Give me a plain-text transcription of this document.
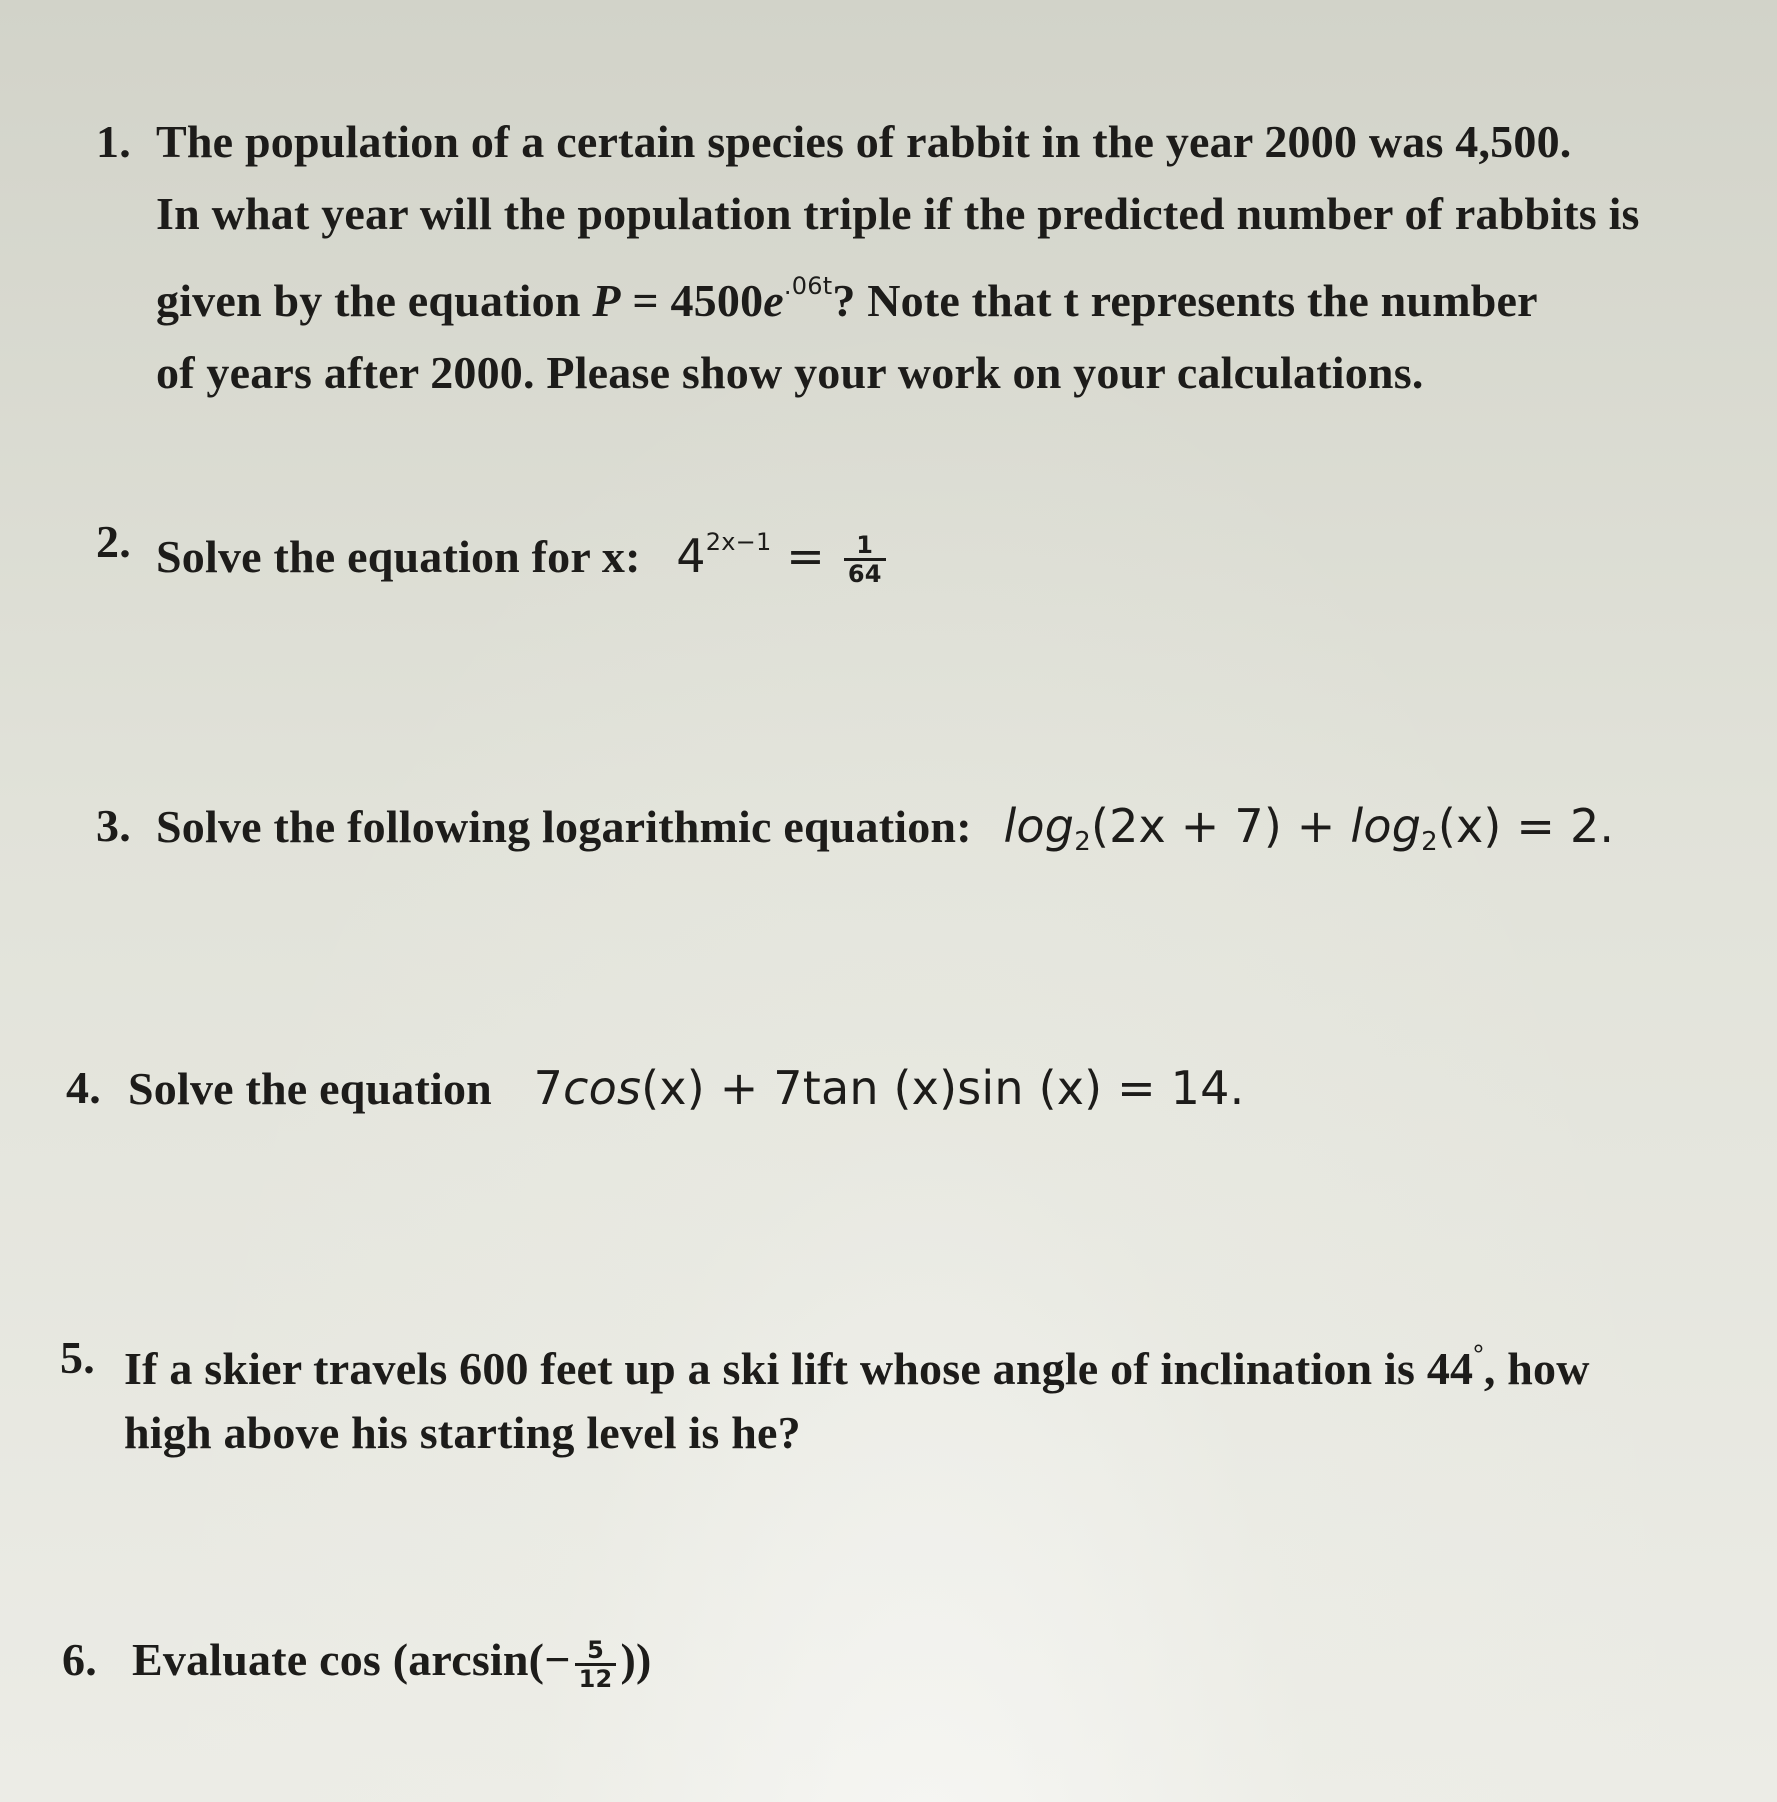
1. The population of a certain species of rabbit in the year 2000 was 4,500.
In what year will the population triple if the predicted number of rabbits is
given by the equation $P = 4500e^{.06t}$? Note that t represents the number
of years after 2000. Please show your work on your calculations.
2. Solve the equation for x: $4^{2x-1} = \frac{1}{64}$
3. Solve the following logarithmic equation: $\log_2(2x + 7) + \log_2(x) = 2$.
4. Solve the equation 7cos(x) + 7tan (x)sin (x) = 14.
5. If a skier travels 600 feet up a ski lift whose angle of inclination is 44°, how
high above his starting level is he?
6. Evaluate $\cos (\arcsin(- \frac{5}{12}$ ))
